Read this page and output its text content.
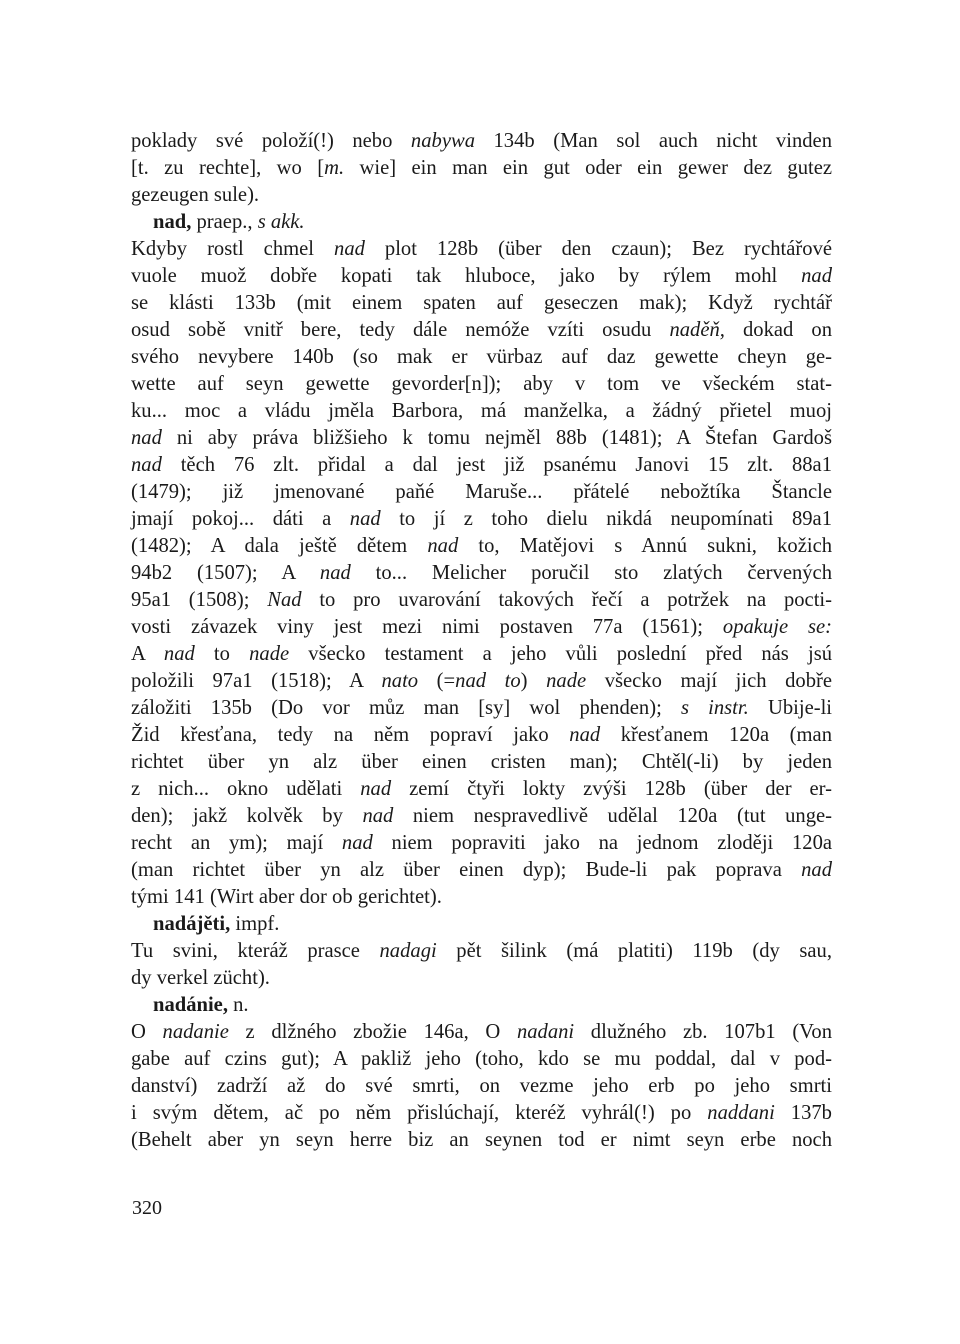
poklady své položí(!) nebo nabywa 134b (Man sol auch nicht vinden
[t. zu rechte], wo [m. wie] ein man ein gut oder ein gewer dez gutez
gezeugen sule).
nad, praep., s akk.
Kdyby rostl chmel nad plot 128b (über den czaun); Bez rychtářové
vuole muož dobře kopati tak hluboce, jako by rýlem mohl nad
se klásti 133b (mit einem spaten auf geseczen mak); Když rychtář
osud sobě vnitř bere, tedy dále nemóže vzíti osudu naděň, dokad on
svého nevybere 140b (so mak er vürbaz auf daz gewette cheyn ge-
wette auf seyn gewette gevorder[n]); aby v tom ve všeckém stat-
ku... moc a vládu jměla Barbora, má manželka, a žádný přietel muoj
nad ni aby práva bližšieho k tomu nejměl 88b (1481); A Štefan Gardoš
nad těch 76 zlt. přidal a dal jest již psanému Janovi 15 zlt. 88a1
(1479); již jmenované paňé Maruše... přátelé nebožtíka Štancle
jmají pokoj... dáti a nad to jí z toho dielu nikdá neupomínati 89a1
(1482); A dala ještě dětem nad to, Matějovi s Annú sukni, kožich
94b2 (1507); A nad to... Melicher poručil sto zlatých červených
95a1 (1508); Nad to pro uvarování takových řečí a potržek na pocti-
vosti závazek viny jest mezi nimi postaven 77a (1561); opakuje se:
A nad to nade všecko testament a jeho vůli poslední před nás jsú
položili 97a1 (1518); A nato (=nad to) nade všecko mají jich dobře
záložiti 135b (Do vor můz man [sy] wol phenden); s instr. Ubije-li
Žid křesťana, tedy na něm popraví jako nad křesťanem 120a (man
richtet über yn alz über einen cristen man); Chtěl(-li) by jeden
z nich... okno udělati nad zemí čtyři lokty zvýši 128b (über der er-
den); jakž kolvěk by nad niem nespravedlivě udělal 120a (tut unge-
recht an ym); mají nad niem popraviti jako na jednom zloději 120a
(man richtet über yn alz über einen dyp); Bude-li pak poprava nad
tými 141 (Wirt aber dor ob gerichtet).
nadájěti, impf.
Tu svini, kteráž prasce nadagi pět šilink (má platiti) 119b (dy sau,
dy verkel zücht).
nadánie, n.
O nadanie z dlžného zbožie 146a, O nadani dlužného zb. 107b1 (Von
gabe auf czins gut); A pakliž jeho (toho, kdo se mu poddal, dal v pod-
danství) zadrží až do své smrti, on vezme jeho erb po jeho smrti
i svým dětem, ač po něm přislúchají, kteréž vyhrál(!) po naddani 137b
(Behelt aber yn seyn herre biz an seynen tod er nimt seyn erbe noch
320
